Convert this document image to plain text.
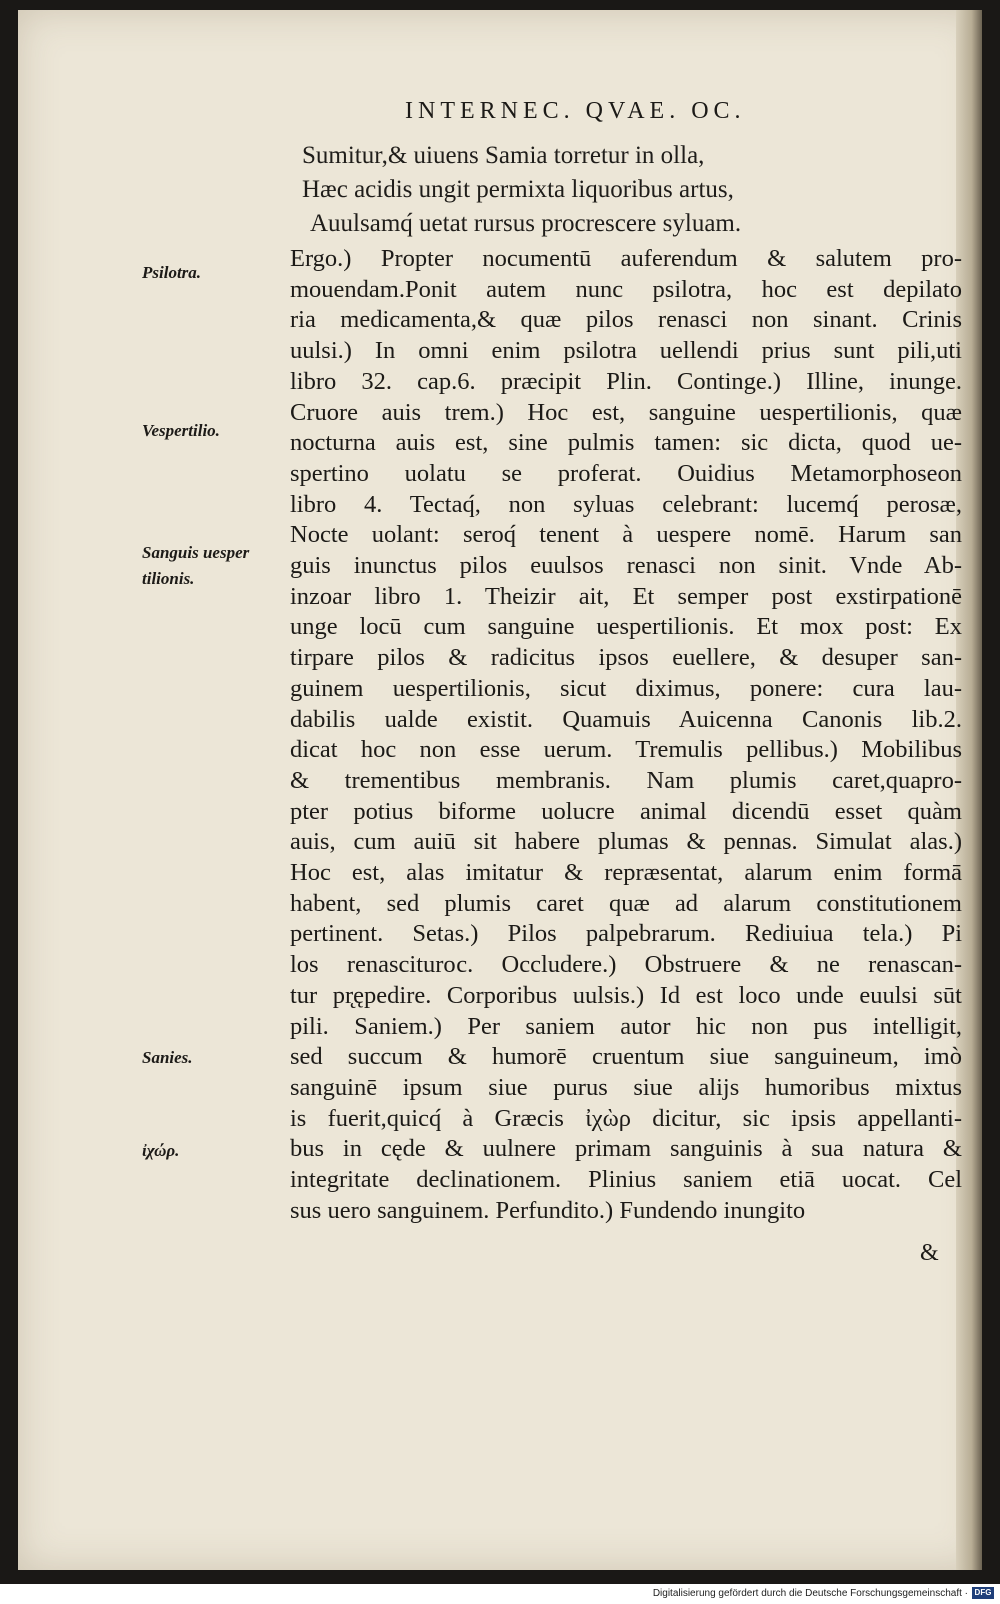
INTERNEC. QVAE. OC.
Sumitur,& uiuens Samia torretur in olla,
Hæc acidis ungit permixta liquoribus artus,
Auulsamq́ uetat rursus procrescere syluam.
Ergo.) Propter nocumentū auferendum & salutem pro-
mouendam.Ponit autem nunc psilotra, hoc est depilato
ria medicamenta,& quæ pilos renasci non sinant. Crinis
uulsi.) In omni enim psilotra uellendi prius sunt pili,uti
libro 32. cap.6. præcipit Plin. Continge.) Illine, inunge.
Cruore auis trem.) Hoc est, sanguine uespertilionis, quæ
nocturna auis est, sine pulmis tamen: sic dicta, quod ue-
spertino uolatu se proferat. Ouidius Metamorphoseon
libro 4. Tectaq́, non syluas celebrant: lucemq́ perosæ,
Nocte uolant: seroq́ tenent à uespere nomē. Harum san
guis inunctus pilos euulsos renasci non sinit. Vnde Ab-
inzoar libro 1. Theizir ait, Et semper post exstirpationē
unge locū cum sanguine uespertilionis. Et mox post: Ex
tirpare pilos & radicitus ipsos euellere, & desuper san-
guinem uespertilionis, sicut diximus, ponere: cura lau-
dabilis ualde existit. Quamuis Auicenna Canonis lib.2.
dicat hoc non esse uerum. Tremulis pellibus.) Mobilibus
& trementibus membranis. Nam plumis caret,quapro-
pter potius biforme uolucre animal dicendū esset quàm
auis, cum auiū sit habere plumas & pennas. Simulat alas.)
Hoc est, alas imitatur & repræsentat, alarum enim formā
habent, sed plumis caret quæ ad alarum constitutionem
pertinent. Setas.) Pilos palpebrarum. Rediuiua tela.) Pi
los renasciturос. Occludere.) Obstruere & ne renascan-
tur pr̨ępedire. Corporibus uulsis.) Id est loco unde euulsi sūt
pili. Saniem.) Per saniem autor hic non pus intelligit,
sed succum & humorē cruentum siue sanguineum, imò
sanguinē ipsum siue purus siue alijs humoribus mixtus
is fuerit,quicq́ à Græcis ἰχὼρ dicitur, sic ipsis appellanti-
bus in cęde & uulnere primam sanguinis à sua natura &
integritate declinationem. Plinius saniem etiā uocat. Cel
sus uero sanguinem. Perfundito.) Fundendo inungito
Psilotra.
Vespertilio.
Sanguis uesper
tilionis.
Sanies.
ἰχώρ.
&
Digitalisierung gefördert durch die Deutsche Forschungsgemeinschaft · DFG
